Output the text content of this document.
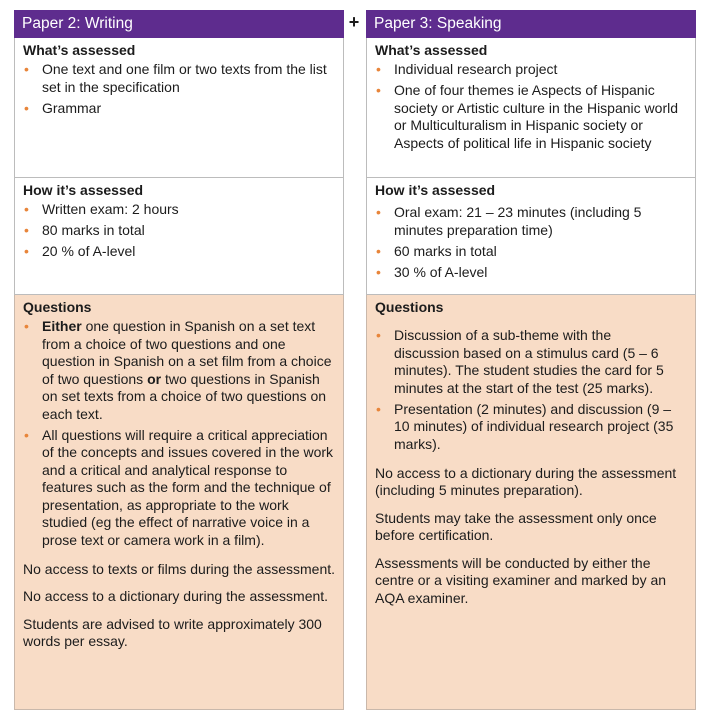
Paper 2: Writing
What’s assessed
• One text and one film or two texts from the list set in the specification
• Grammar
How it’s assessed
• Written exam: 2 hours
• 80 marks in total
• 20 % of A-level
Questions
• Either one question in Spanish on a set text from a choice of two questions and one question in Spanish on a set film from a choice of two questions or two questions in Spanish on set texts from a choice of two questions on each text.
• All questions will require a critical appreciation of the concepts and issues covered in the work and a critical and analytical response to features such as the form and the technique of presentation, as appropriate to the work studied (eg the effect of narrative voice in a prose text or camera work in a film).

No access to texts or films during the assessment.

No access to a dictionary during the assessment.

Students are advised to write approximately 300 words per essay.

+ Paper 3: Speaking
What’s assessed
• Individual research project
• One of four themes ie Aspects of Hispanic society or Artistic culture in the Hispanic world or Multiculturalism in Hispanic society or Aspects of political life in Hispanic society
How it’s assessed
• Oral exam: 21 – 23 minutes (including 5 minutes preparation time)
• 60 marks in total
• 30 % of A-level
Questions
• Discussion of a sub-theme with the discussion based on a stimulus card (5 – 6 minutes). The student studies the card for 5 minutes at the start of the test (25 marks).
• Presentation (2 minutes) and discussion (9 – 10 minutes) of individual research project (35 marks).

No access to a dictionary during the assessment (including 5 minutes preparation).

Students may take the assessment only once before certification.

Assessments will be conducted by either the centre or a visiting examiner and marked by an AQA examiner.
